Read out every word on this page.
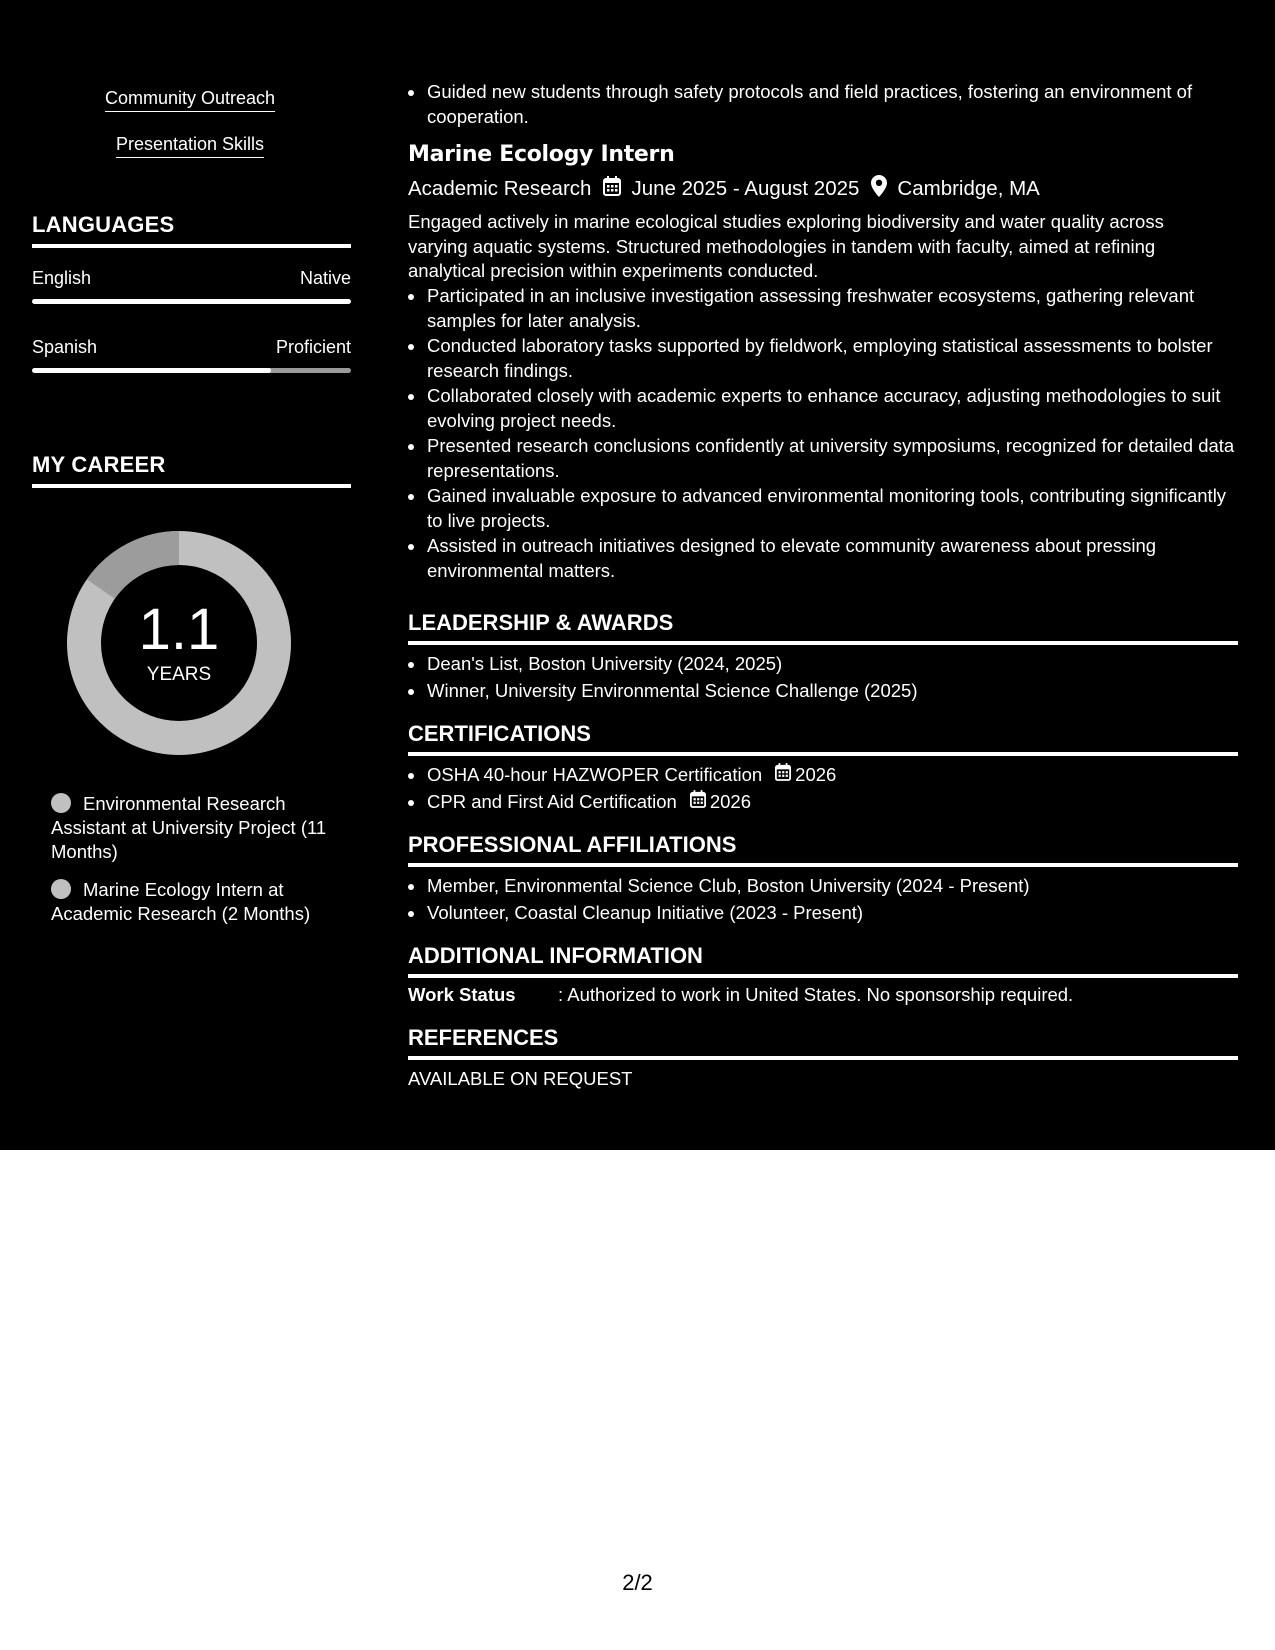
Community Outreach
Presentation Skills
LANGUAGES
English	Native
Spanish	Proficient
MY CAREER
1.1
YEARS
Environmental Research Assistant at University Project (11 Months)
Marine Ecology Intern at Academic Research (2 Months)
Guided new students through safety protocols and field practices, fostering an environment of cooperation.
Marine Ecology Intern
Academic Research June 2025 - August 2025 Cambridge, MA
Engaged actively in marine ecological studies exploring biodiversity and water quality across varying aquatic systems. Structured methodologies in tandem with faculty, aimed at refining analytical precision within experiments conducted.
Participated in an inclusive investigation assessing freshwater ecosystems, gathering relevant samples for later analysis.
Conducted laboratory tasks supported by fieldwork, employing statistical assessments to bolster research findings.
Collaborated closely with academic experts to enhance accuracy, adjusting methodologies to suit evolving project needs.
Presented research conclusions confidently at university symposiums, recognized for detailed data representations.
Gained invaluable exposure to advanced environmental monitoring tools, contributing significantly to live projects.
Assisted in outreach initiatives designed to elevate community awareness about pressing environmental matters.
LEADERSHIP & AWARDS
Dean's List, Boston University (2024, 2025)
Winner, University Environmental Science Challenge (2025)
CERTIFICATIONS
OSHA 40-hour HAZWOPER Certification 2026
CPR and First Aid Certification 2026
PROFESSIONAL AFFILIATIONS
Member, Environmental Science Club, Boston University (2024 - Present)
Volunteer, Coastal Cleanup Initiative (2023 - Present)
ADDITIONAL INFORMATION
Work Status	: Authorized to work in United States. No sponsorship required.
REFERENCES
AVAILABLE ON REQUEST
2/2
